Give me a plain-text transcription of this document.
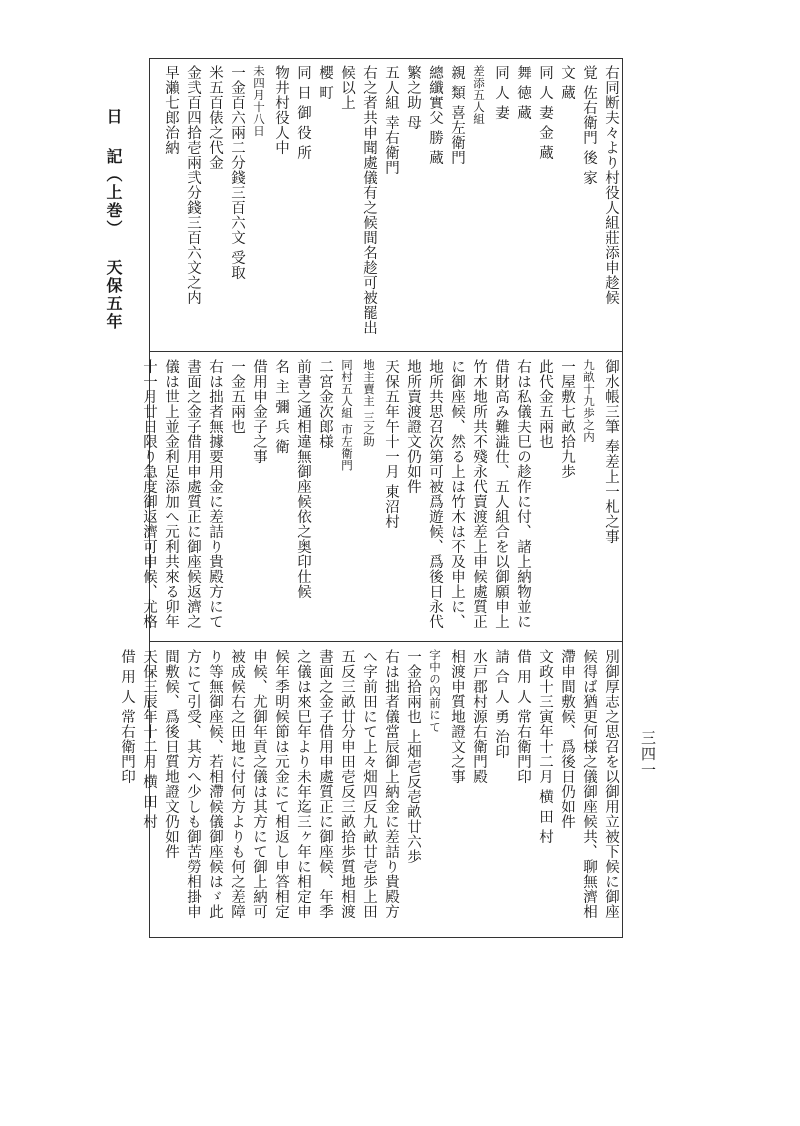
日 記（上巻） 天保五年
三四一
右同断夫々より村役人組莊添申趁候
覚 佐右衛門 後 家
文 蔵
同 人 妻 金 蔵
舞 徳 蔵
同 人 妻
差添五人組
親 類 喜左衛門
總纖實父 勝 蔵
繁之助 母
五人組 幸右衛門
右之者共申聞處儀有之候間名趁可被罷出
候以上
櫻 町
同 日 御 役 所
物井村役人中
未四月十八日
一金百六兩二分錢三百六文 受取
米五百俵之代金
金弐百四拾壱兩弐分錢三百六文之内
早瀨七郎治納
御水帳三筆 奉差上一札之事
九畝十九歩之内
一屋敷七畝拾九歩
此代金五兩也
右は私儀夫巳の趁作に付、諸上納物並に
借財高み難澁仕、五人組合を以御願申上
竹木地所共不殘永代賣渡差上申候處質正
に御座候、然る上は竹木は不及申上に、
地所共思召次第可被爲遊候、爲後日永代
地所賣渡證文仍如件
天保五年午十一月 東沼村
地主賣主 三之助
同村五人組 市左衛門
二宮金次郎様
前書之通相違無御座候依之奥印仕候
名 主 彌 兵 衛
借用申金子之事
一金五兩也
右は拙者無據要用金に差詰り貴殿方にて
書面之金子借用申處質正に御座候返濟之
儀は世上並金利足添加へ元利共來る卯年
十一月廿日限り急度御返濟可申候、尤格
別御厚志之思召を以御用立被下候に御座
候得ば猶更何様之儀御座候共、聊無濟相
滯申間敷候、爲後日仍如件
文政十三寅年十二月 横 田 村
借 用 人 常右衛門印
請 合 人 勇 治印
水戸郡村源右衛門殿
相渡申質地證文之事
字中の內前にて
一金拾兩也 上畑壱反壱畝廿六歩
右は拙者儀當辰御上納金に差詰り貴殿方
へ字前田にて上々畑四反九畝廿壱歩上田
五反三畝廿分申田壱反三畝拾歩質地相渡
書面之金子借用申處質正に御座候、年季
之儀は來巳年より未年迄三ヶ年に相定申
候年季明候節は元金にて相返し申答相定
申候、尤御年貢之儀は其方にて御上納可
被成候右之田地に付何方よりも何之差障
り等無御座候、若相滯候儀御座候はゞ此
方にて引受、其方へ少しも御苦勞相掛申
間敷候、爲後日質地證文仍如件
天保三辰年十二月 横 田 村
借 用 人 常右衛門印
